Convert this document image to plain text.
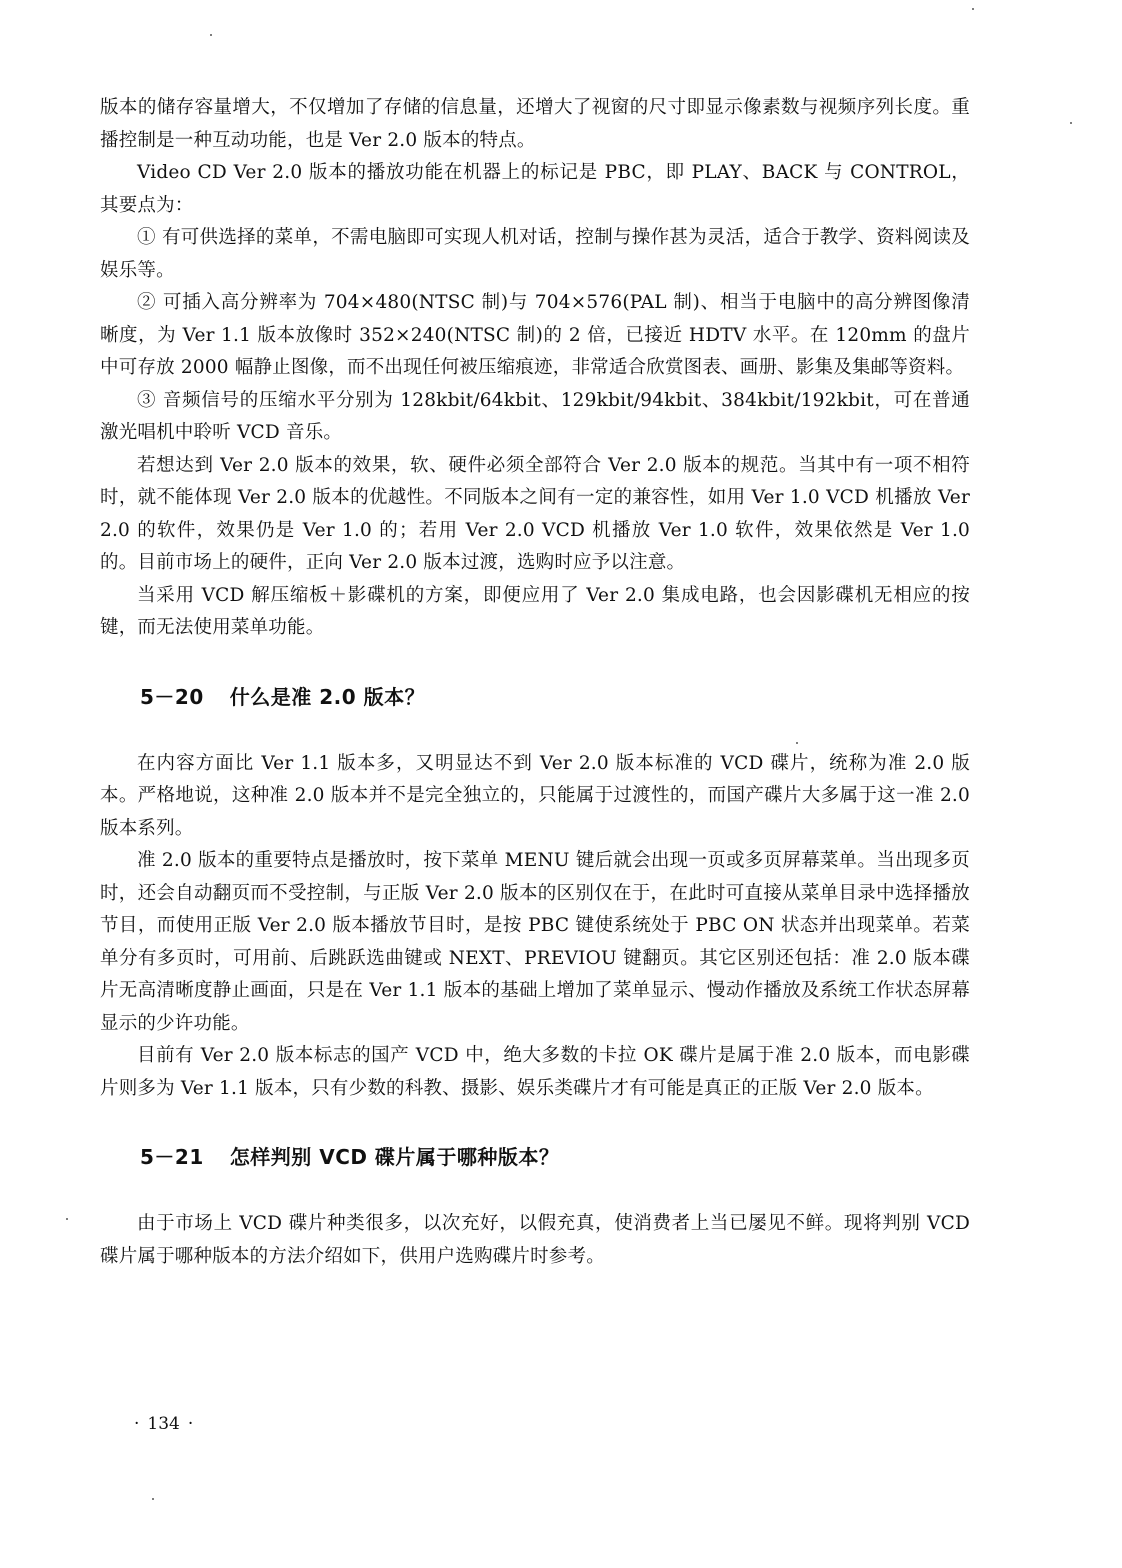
版本的储存容量增大，不仅增加了存储的信息量，还增大了视窗的尺寸即显示像素数与视频序列长度。重播控制是一种互动功能，也是 Ver 2.0 版本的特点。

Video CD Ver 2.0 版本的播放功能在机器上的标记是 PBC，即 PLAY、BACK 与 CONTROL，其要点为：

① 有可供选择的菜单，不需电脑即可实现人机对话，控制与操作甚为灵活，适合于教学、资料阅读及娱乐等。

② 可插入高分辨率为 704×480(NTSC 制)与 704×576(PAL 制)、相当于电脑中的高分辨图像清晰度，为 Ver 1.1 版本放像时 352×240(NTSC 制)的 2 倍，已接近 HDTV 水平。在 120mm 的盘片中可存放 2000 幅静止图像，而不出现任何被压缩痕迹，非常适合欣赏图表、画册、影集及集邮等资料。

③ 音频信号的压缩水平分别为 128kbit/64kbit、129kbit/94kbit、384kbit/192kbit，可在普通激光唱机中聆听 VCD 音乐。

若想达到 Ver 2.0 版本的效果，软、硬件必须全部符合 Ver 2.0 版本的规范。当其中有一项不相符时，就不能体现 Ver 2.0 版本的优越性。不同版本之间有一定的兼容性，如用 Ver 1.0 VCD 机播放 Ver 2.0 的软件，效果仍是 Ver 1.0 的；若用 Ver 2.0 VCD 机播放 Ver 1.0 软件，效果依然是 Ver 1.0 的。目前市场上的硬件，正向 Ver 2.0 版本过渡，选购时应予以注意。

当采用 VCD 解压缩板＋影碟机的方案，即便应用了 Ver 2.0 集成电路，也会因影碟机无相应的按键，而无法使用菜单功能。

5－20 什么是准 2.0 版本？

在内容方面比 Ver 1.1 版本多，又明显达不到 Ver 2.0 版本标准的 VCD 碟片，统称为准 2.0 版本。严格地说，这种准 2.0 版本并不是完全独立的，只能属于过渡性的，而国产碟片大多属于这一准 2.0 版本系列。

准 2.0 版本的重要特点是播放时，按下菜单 MENU 键后就会出现一页或多页屏幕菜单。当出现多页时，还会自动翻页而不受控制，与正版 Ver 2.0 版本的区别仅在于，在此时可直接从菜单目录中选择播放节目，而使用正版 Ver 2.0 版本播放节目时，是按 PBC 键使系统处于 PBC ON 状态并出现菜单。若菜单分有多页时，可用前、后跳跃选曲键或 NEXT、PREVIOU 键翻页。其它区别还包括：准 2.0 版本碟片无高清晰度静止画面，只是在 Ver 1.1 版本的基础上增加了菜单显示、慢动作播放及系统工作状态屏幕显示的少许功能。

目前有 Ver 2.0 版本标志的国产 VCD 中，绝大多数的卡拉 OK 碟片是属于准 2.0 版本，而电影碟片则多为 Ver 1.1 版本，只有少数的科教、摄影、娱乐类碟片才有可能是真正的正版 Ver 2.0 版本。

5－21 怎样判别 VCD 碟片属于哪种版本？

由于市场上 VCD 碟片种类很多，以次充好，以假充真，使消费者上当已屡见不鲜。现将判别 VCD 碟片属于哪种版本的方法介绍如下，供用户选购碟片时参考。

· 134 ·
